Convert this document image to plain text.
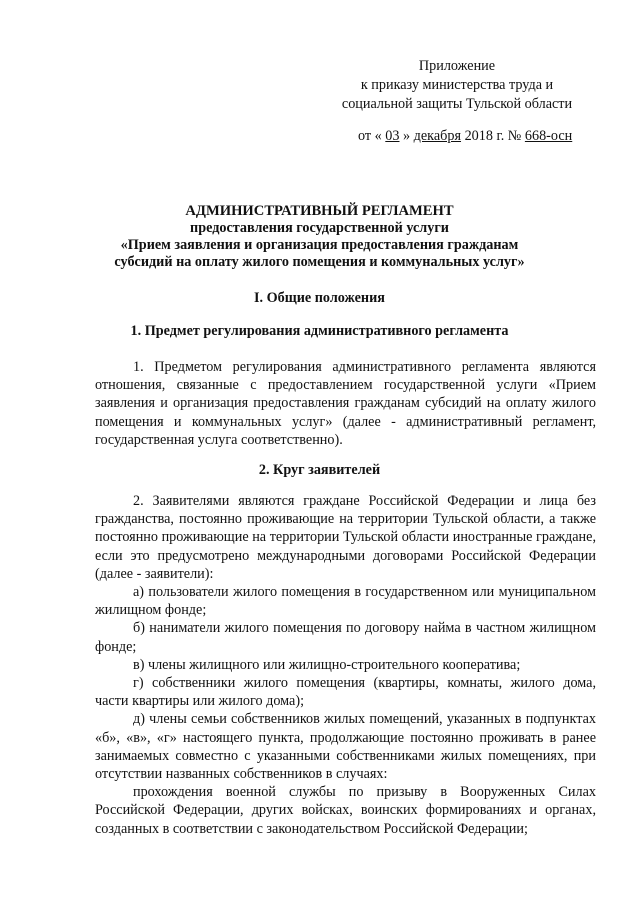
Приложение
к приказу министерства труда и
социальной защиты Тульской области
от « 03 » декабря 2018 г. № 668-осн
АДМИНИСТРАТИВНЫЙ РЕГЛАМЕНТ
предоставления государственной услуги
«Прием заявления и организация предоставления гражданам
субсидий на оплату жилого помещения и коммунальных услуг»
I. Общие положения
1. Предмет регулирования административного регламента

1. Предметом регулирования административного регламента являются отношения, связанные с предоставлением государственной услуги «Прием заявления и организация предоставления гражданам субсидий на оплату жилого помещения и коммунальных услуг» (далее - административный регламент, государственная услуга соответственно).

2. Круг заявителей

2. Заявителями являются граждане Российской Федерации и лица без гражданства, постоянно проживающие на территории Тульской области, а также постоянно проживающие на территории Тульской области иностранные граждане, если это предусмотрено международными договорами Российской Федерации (далее - заявители):

а) пользователи жилого помещения в государственном или муниципальном жилищном фонде;

б) наниматели жилого помещения по договору найма в частном жилищном фонде;

в) члены жилищного или жилищно-строительного кооператива;

г) собственники жилого помещения (квартиры, комнаты, жилого дома, части квартиры или жилого дома);

д) члены семьи собственников жилых помещений, указанных в подпунктах «б», «в», «г» настоящего пункта, продолжающие постоянно проживать в ранее занимаемых совместно с указанными собственниками жилых помещениях, при отсутствии названных собственников в случаях:

прохождения военной службы по призыву в Вооруженных Силах Российской Федерации, других войсках, воинских формированиях и органах, созданных в соответствии с законодательством Российской Федерации;
